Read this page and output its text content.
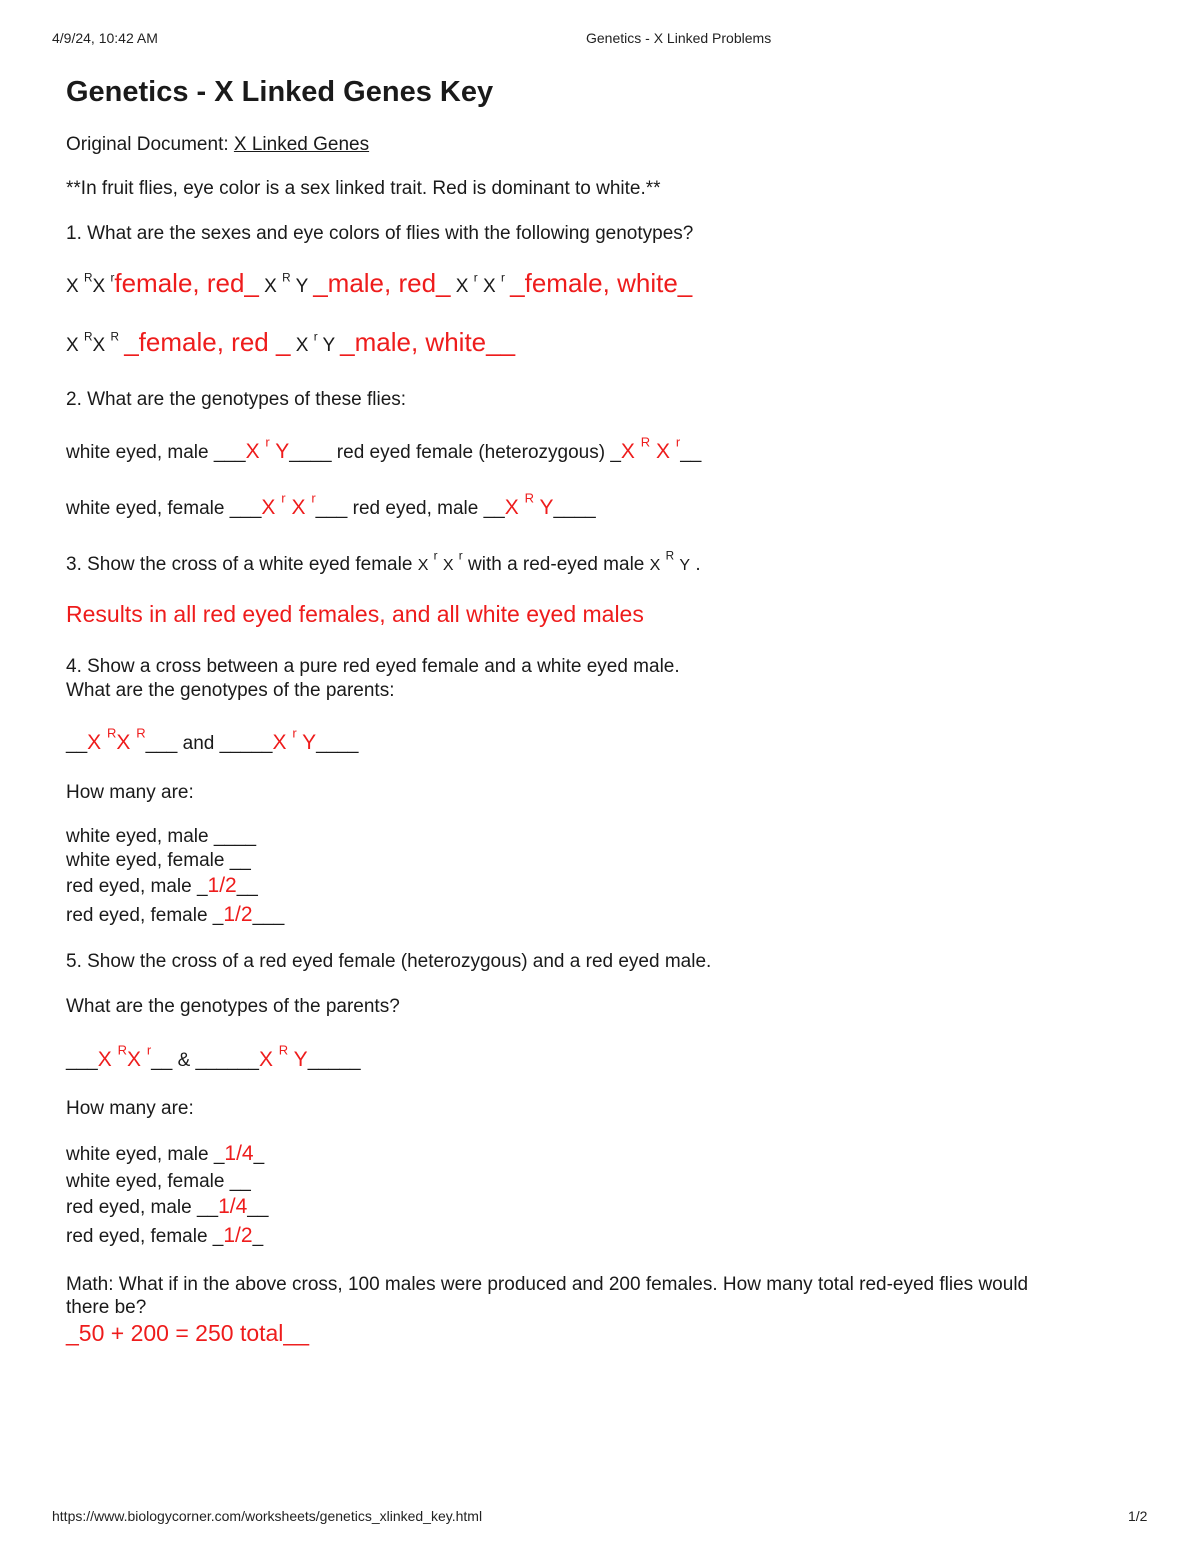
4/9/24, 10:42 AM	Genetics - X Linked Problems
Genetics - X Linked Genes Key
Original Document: X Linked Genes
**In fruit flies, eye color is a sex linked trait. Red is dominant to white.**
1. What are the sexes and eye colors of flies with the following genotypes?
X $^R$X $^r$female, red_ X $^R$ Y _male, red_ X $^r$ X $^r$ _female, white_
X $^R$X $^R$ _female, red _ X $^r$ Y _male, white__
2. What are the genotypes of these flies:
white eyed, male ___X $^r$ Y____ red eyed female (heterozygous) _X $^R$ X $^r$__
white eyed, female ___X $^r$ X $^r$___ red eyed, male __X $^R$ Y____
3. Show the cross of a white eyed female X $^r$ X $^r$ with a red-eyed male X $^R$ Y .
Results in all red eyed females, and all white eyed males
4. Show a cross between a pure red eyed female and a white eyed male.
What are the genotypes of the parents:
__X $^R$X $^R$___ and _____X $^r$ Y____
How many are:
white eyed, male ____
white eyed, female __
red eyed, male _1/2__
red eyed, female _1/2___
5. Show the cross of a red eyed female (heterozygous) and a red eyed male.
What are the genotypes of the parents?
___X $^R$X $^r$__ & ______X $^R$ Y_____
How many are:
white eyed, male _1/4_
white eyed, female __
red eyed, male __1/4__
red eyed, female _1/2_
Math: What if in the above cross, 100 males were produced and 200 females. How many total red-eyed flies would
there be?
_50 + 200 = 250 total__
https://www.biologycorner.com/worksheets/genetics_xlinked_key.html	1/2
